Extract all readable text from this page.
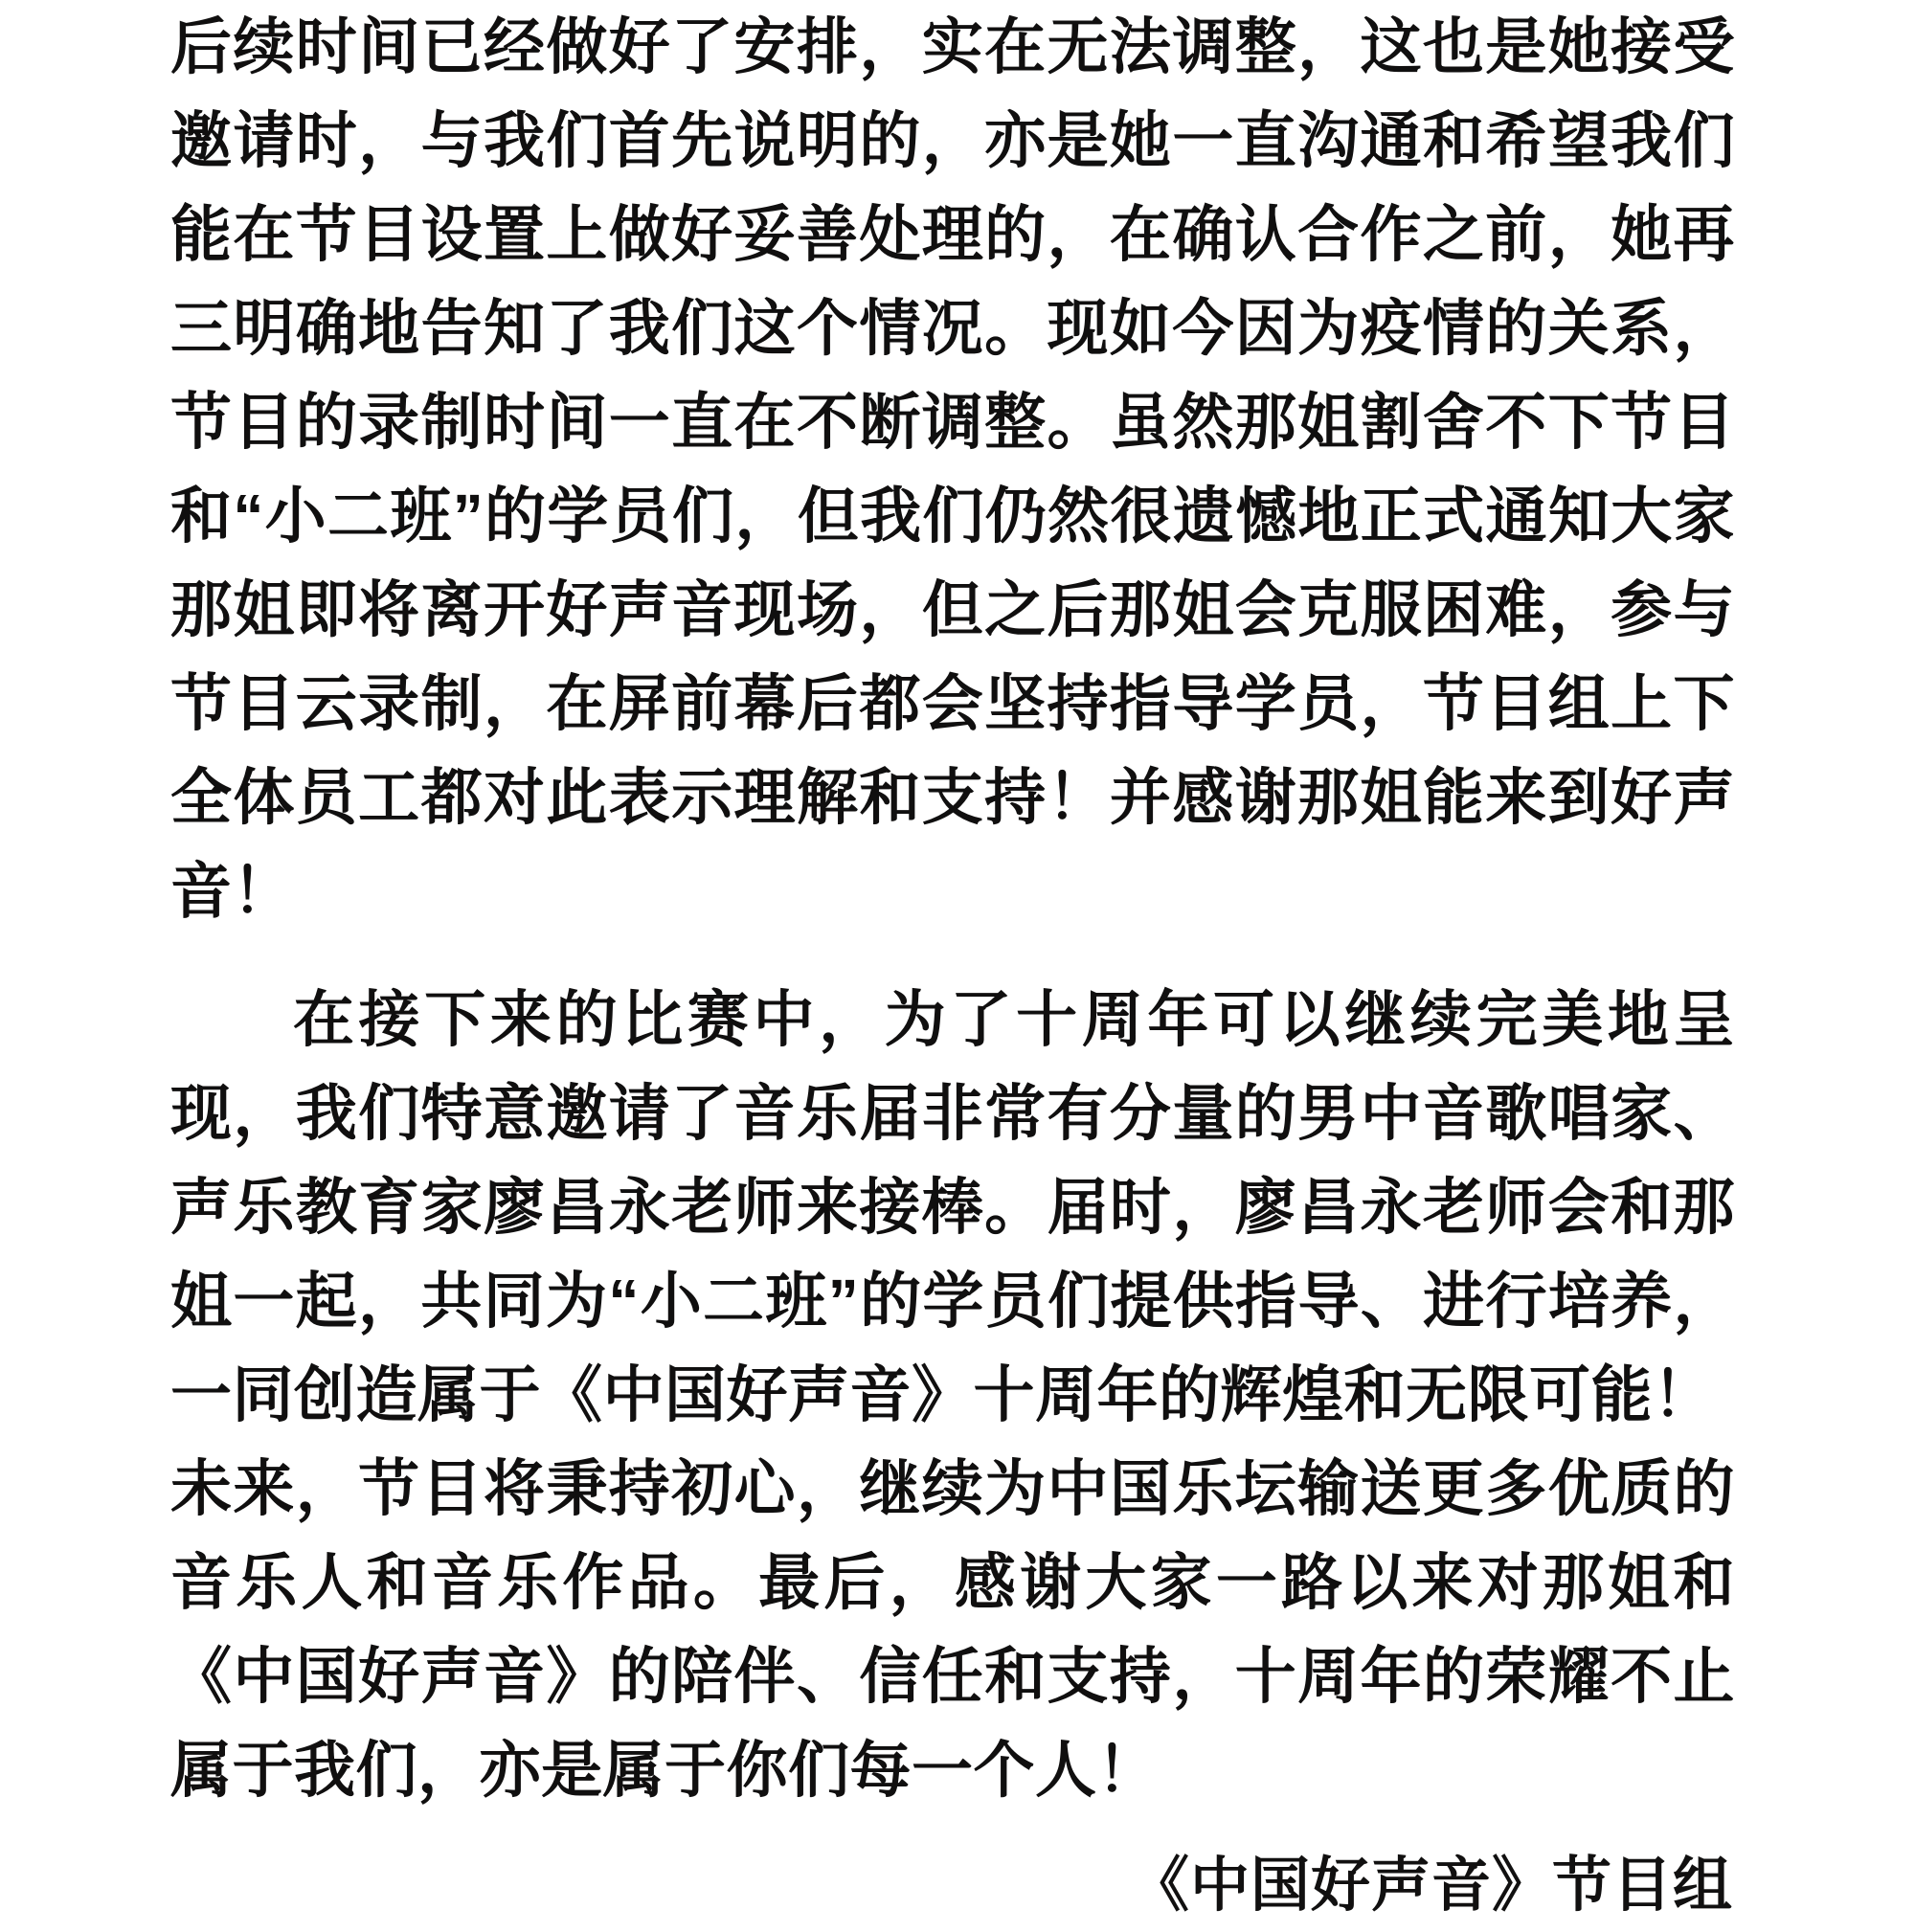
后续时间已经做好了安排，实在无法调整，这也是她接受邀请时，与我们首先说明的，亦是她一直沟通和希望我们能在节目设置上做好妥善处理的，在确认合作之前，她再三明确地告知了我们这个情况。现如今因为疫情的关系，节目的录制时间一直在不断调整。虽然那姐割舍不下节目和“小二班”的学员们，但我们仍然很遗憾地正式通知大家那姐即将离开好声音现场，但之后那姐会克服困难，参与节目云录制，在屏前幕后都会坚持指导学员，节目组上下全体员工都对此表示理解和支持！并感谢那姐能来到好声音！

在接下来的比赛中，为了十周年可以继续完美地呈现，我们特意邀请了音乐届非常有分量的男中音歌唱家、声乐教育家廖昌永老师来接棒。届时，廖昌永老师会和那姐一起，共同为“小二班”的学员们提供指导、进行培养，一同创造属于《中国好声音》十周年的辉煌和无限可能！

未来，节目将秉持初心，继续为中国乐坛输送更多优质的音乐人和音乐作品。最后，感谢大家一路以来对那姐和《中国好声音》的陪伴、信任和支持，十周年的荣耀不止属于我们，亦是属于你们每一个人！

《中国好声音》节目组
